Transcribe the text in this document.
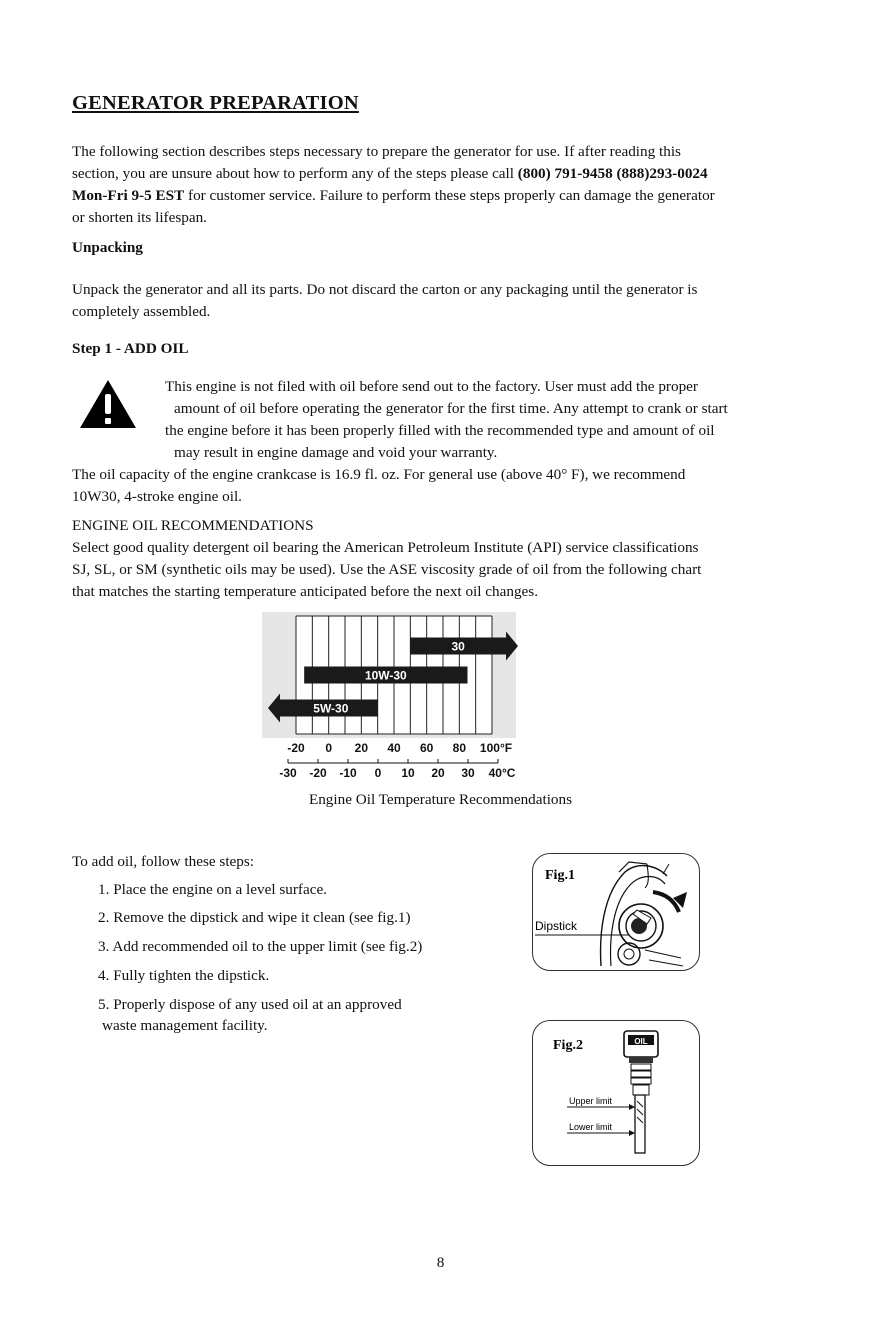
GENERATOR PREPARATION
The following section describes steps necessary to prepare the generator for use. If after reading this
section, you are unsure about how to perform any of the steps please call (800) 791-9458 (888)293-0024
Mon-Fri 9-5 EST for customer service. Failure to perform these steps properly can damage the generator
or shorten its lifespan.
Unpacking
Unpack the generator and all its parts. Do not discard the carton or any packaging until the generator is
completely assembled.
Step 1 - ADD OIL
This engine is not filed with oil before send out to the factory. User must add the proper
amount of oil before operating the generator for the first time. Any attempt to crank or start
the engine before it has been properly filled with the recommended type and amount of oil
may result in engine damage and void your warranty.
The oil capacity of the engine crankcase is 16.9 fl. oz. For general use (above 40° F), we recommend
10W30, 4-stroke engine oil.
ENGINE OIL RECOMMENDATIONS
Select good quality detergent oil bearing the American Petroleum Institute (API) service classifications
SJ, SL, or SM (synthetic oils may be used). Use the ASE viscosity grade of oil from the following chart
that matches the starting temperature anticipated before the next oil changes.
30
10W-30
5W-30
-20 0 20 40 60 80 100°F
-30 -20 -10 0 10 20 30 40°C
Engine Oil Temperature Recommendations
To add oil, follow these steps:
1. Place the engine on a level surface.
2. Remove the dipstick and wipe it clean (see fig.1)
3. Add recommended oil to the upper limit (see fig.2)
4. Fully tighten the dipstick.
5. Properly dispose of any used oil at an approved
waste management facility.
Fig.1
Dipstick
OIL
Fig.2
Upper limit
Lower limit
8
